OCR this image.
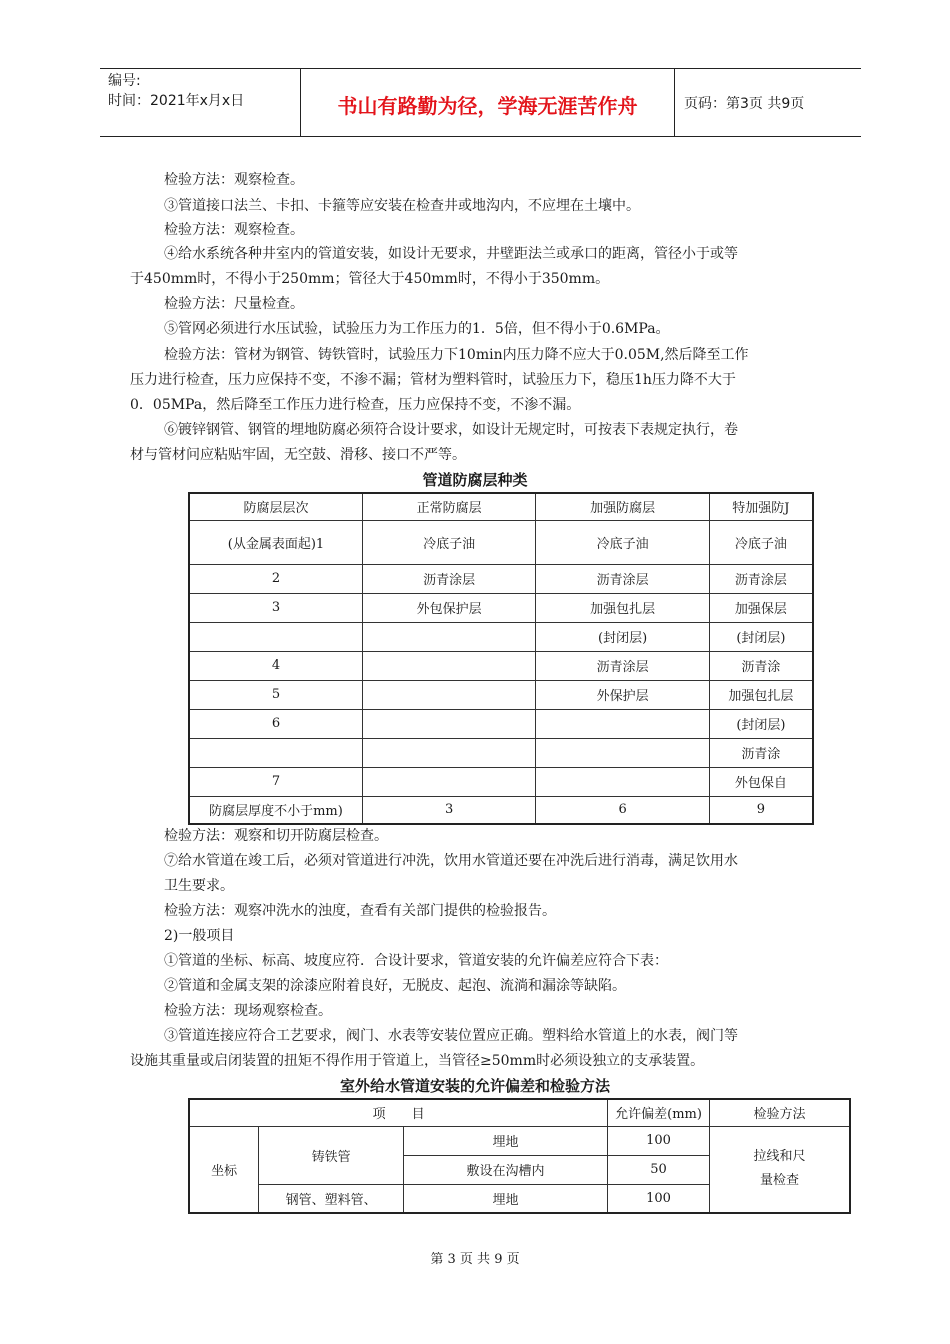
编号:
时间：2021年x月x日	书山有路勤为径，学海无涯苦作舟	页码：第3页 共9页
检验方法：观察检查。
③管道接口法兰、卡扣、卡箍等应安装在检查井或地沟内，不应埋在土壤中。
检验方法：观察检查。
④给水系统各种井室内的管道安装，如设计无要求，井壁距法兰或承口的距离，管径小于或等
于450mm时，不得小于250mm；管径大于450mm时，不得小于350mm。
检验方法：尺量检查。
⑤管网必须进行水压试验，试验压力为工作压力的1．5倍，但不得小于0.6MPa。
检验方法：管材为钢管、铸铁管时，试验压力下10min内压力降不应大于0.05M,然后降至工作
压力进行检查，压力应保持不变，不渗不漏；管材为塑料管时，试验压力下，稳压1h压力降不大于
0．05MPa，然后降至工作压力进行检查，压力应保持不变，不渗不漏。
⑥镀锌钢管、钢管的埋地防腐必须符合设计要求，如设计无规定时，可按表下表规定执行，卷
材与管材问应粘贴牢固，无空鼓、滑移、接口不严等。
管道防腐层种类
防腐层层次	正常防腐层	加强防腐层	特加强防J
(从金属表面起)1	冷底子油	冷底子油	冷底子油
2	沥青涂层	沥青涂层	沥青涂层
3	外包保护层	加强包扎层	加强保层
		(封闭层)	(封闭层)
4		沥青涂层	沥青涂
5		外保护层	加强包扎层
6			(封闭层)
			沥青涂
7			外包保自
防腐层厚度不小于mm)	3	6	9
检验方法：观察和切开防腐层检查。
⑦给水管道在竣工后，必须对管道进行冲洗，饮用水管道还要在冲洗后进行消毒，满足饮用水
卫生要求。
检验方法：观察冲洗水的浊度，查看有关部门提供的检验报告。
2)一般项目
①管道的坐标、标高、坡度应符．合设计要求，管道安装的允许偏差应符合下表：
②管道和金属支架的涂漆应附着良好，无脱皮、起泡、流淌和漏涂等缺陷。
检验方法：现场观察检查。
③管道连接应符合工艺要求，阀门、水表等安装位置应正确。塑料给水管道上的水表，阀门等
设施其重量或启闭装置的扭矩不得作用于管道上，当管径≥50mm时必须设独立的支承装置。
室外给水管道安装的允许偏差和检验方法
项　　目			允许偏差(mm)	检验方法
坐标	铸铁管	埋地	100	拉线和尺
量检查
		敷设在沟槽内	50	
	钢管、塑料管、	埋地	100	
第 3 页 共 9 页
